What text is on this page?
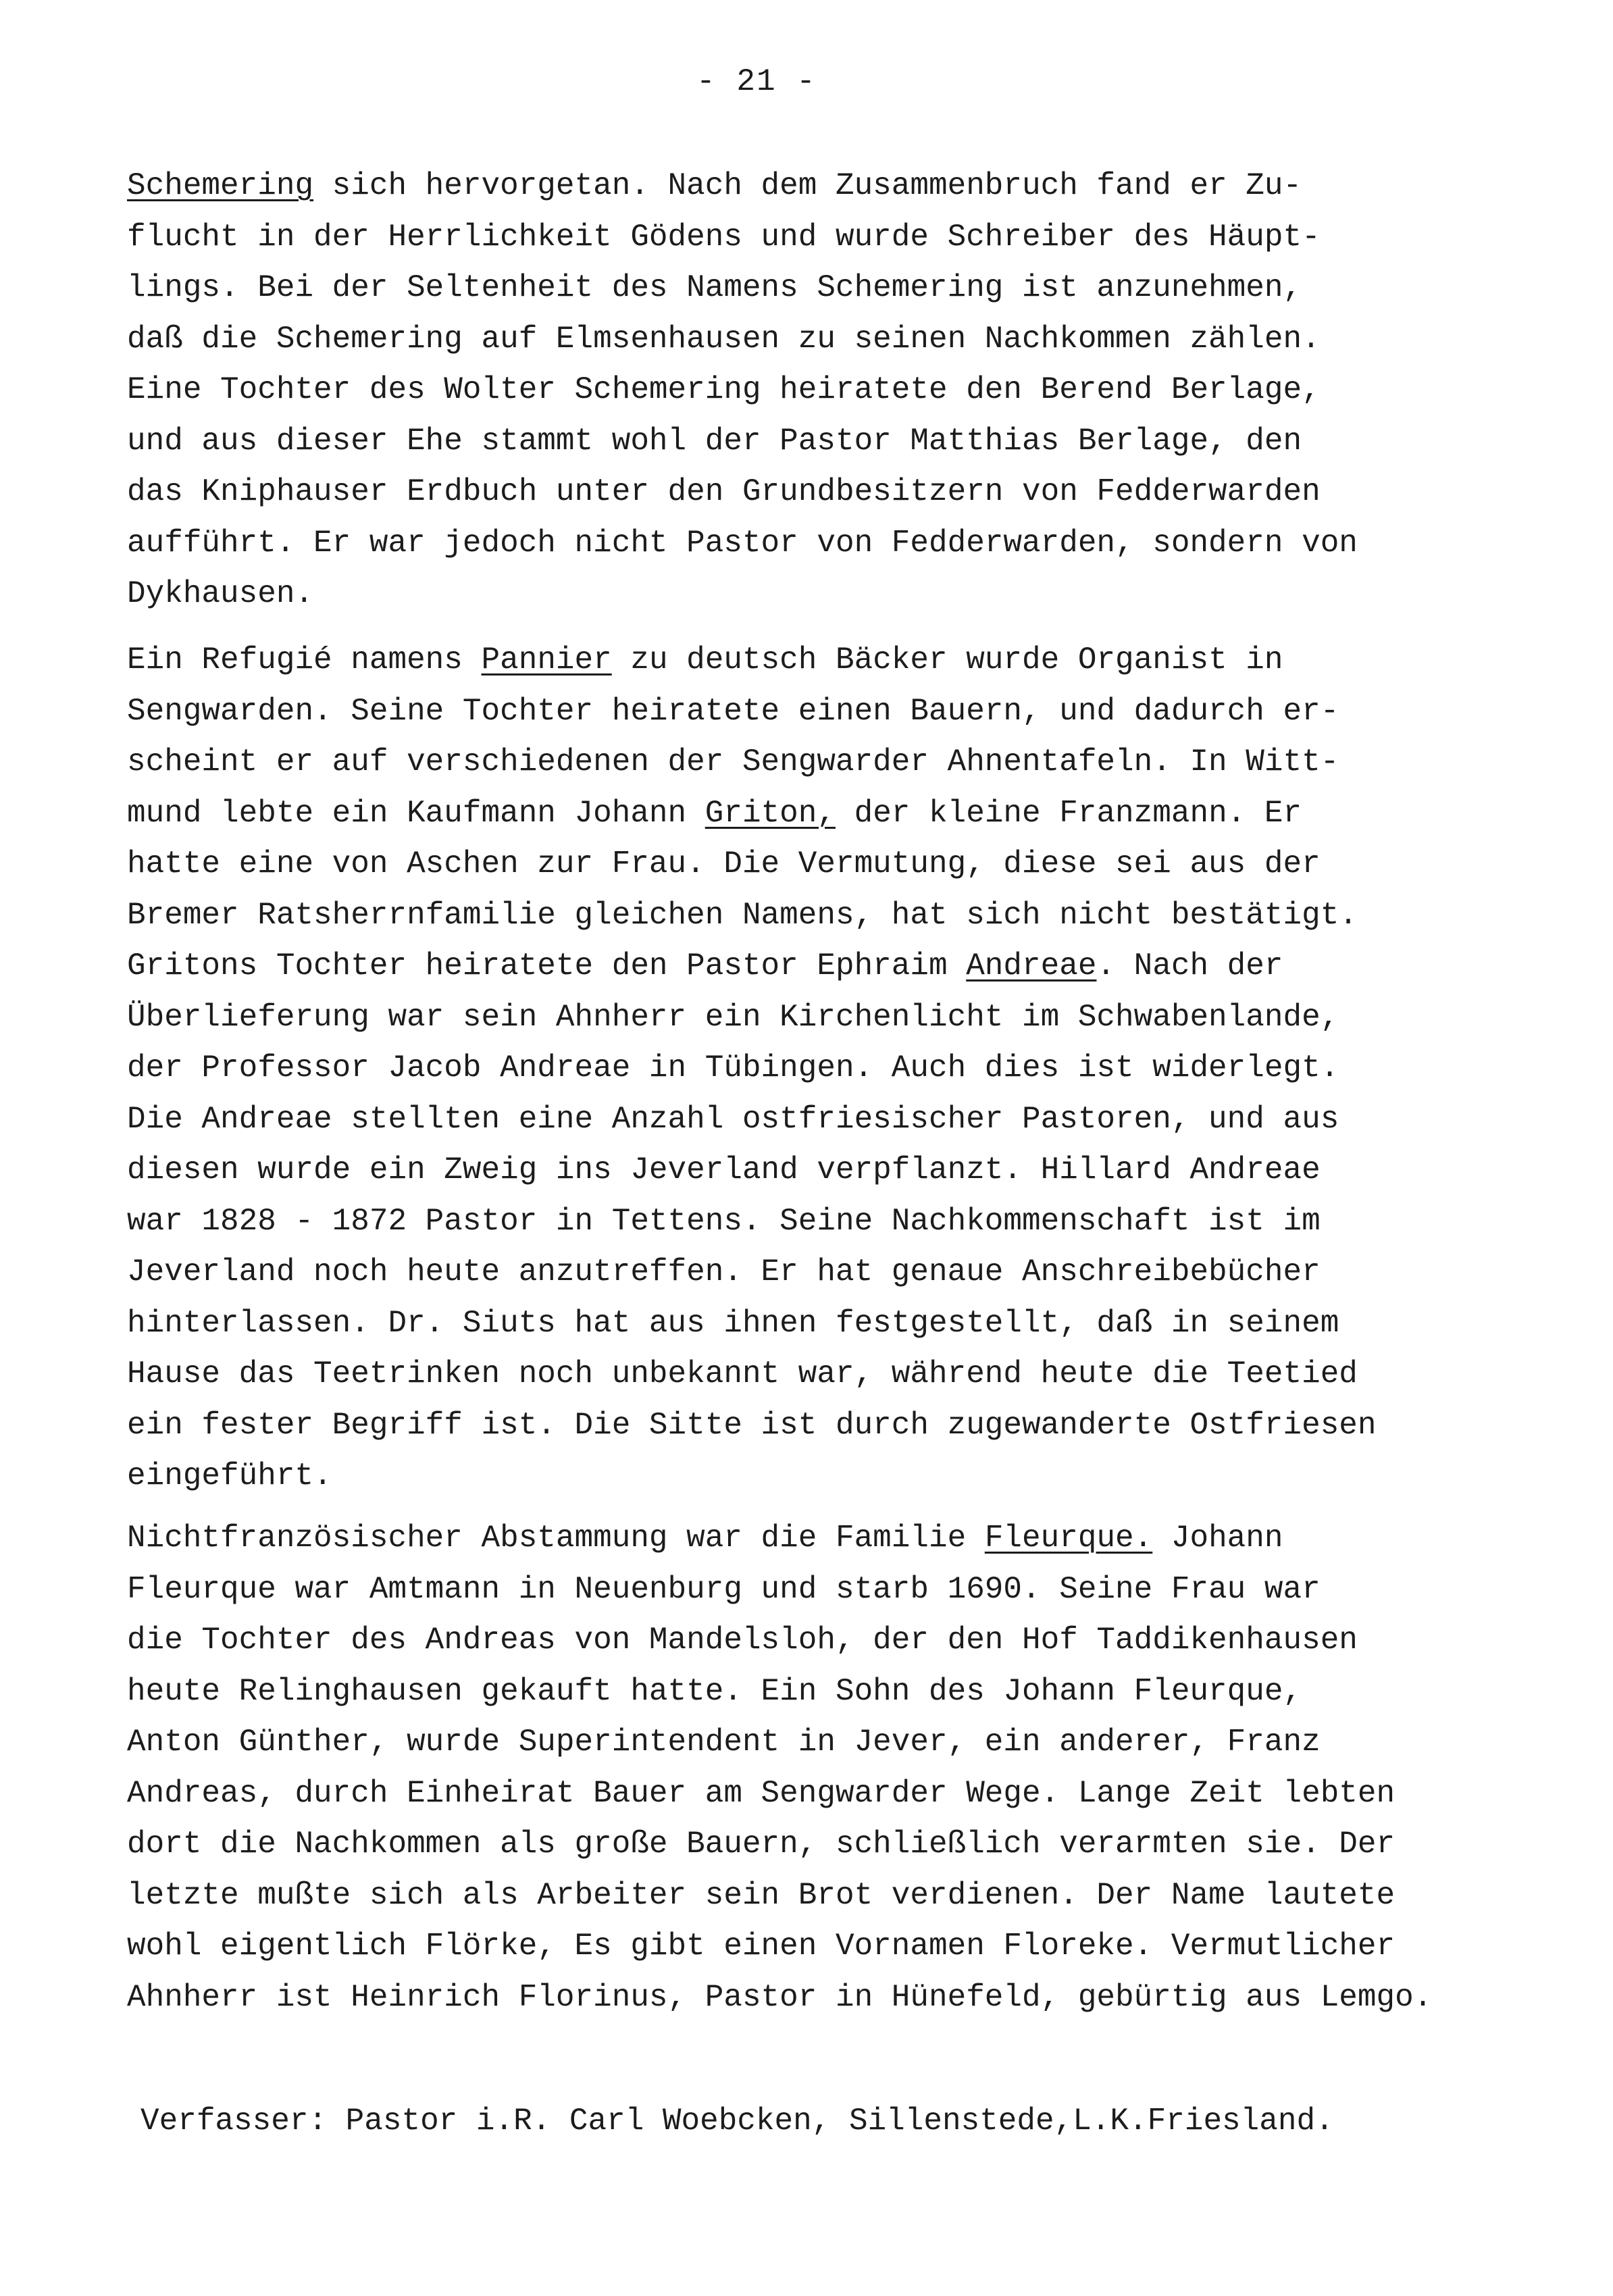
- 21 -
Schemering sich hervorgetan. Nach dem Zusammenbruch fand er Zu-
flucht in der Herrlichkeit Gödens und wurde Schreiber des Häupt-
lings. Bei der Seltenheit des Namens Schemering ist anzunehmen,
daß die Schemering auf Elmsenhausen zu seinen Nachkommen zählen.
Eine Tochter des Wolter Schemering heiratete den Berend Berlage,
und aus dieser Ehe stammt wohl der Pastor Matthias Berlage, den
das Kniphauser Erdbuch unter den Grundbesitzern von Fedderwarden
aufführt. Er war jedoch nicht Pastor von Fedderwarden, sondern von
Dykhausen.
Ein Refugié namens Pannier zu deutsch Bäcker wurde Organist in
Sengwarden. Seine Tochter heiratete einen Bauern, und dadurch er-
scheint er auf verschiedenen der Sengwarder Ahnentafeln. In Witt-
mund lebte ein Kaufmann Johann Griton, der kleine Franzmann. Er
hatte eine von Aschen zur Frau. Die Vermutung, diese sei aus der
Bremer Ratsherrnfamilie gleichen Namens, hat sich nicht bestätigt.
Gritons Tochter heiratete den Pastor Ephraim Andreae. Nach der
Überlieferung war sein Ahnherr ein Kirchenlicht im Schwabenlande,
der Professor Jacob Andreae in Tübingen. Auch dies ist widerlegt.
Die Andreae stellten eine Anzahl ostfriesischer Pastoren, und aus
diesen wurde ein Zweig ins Jeverland verpflanzt. Hillard Andreae
war 1828 - 1872 Pastor in Tettens. Seine Nachkommenschaft ist im
Jeverland noch heute anzutreffen. Er hat genaue Anschreibebücher
hinterlassen. Dr. Siuts hat aus ihnen festgestellt, daß in seinem
Hause das Teetrinken noch unbekannt war, während heute die Teetied
ein fester Begriff ist. Die Sitte ist durch zugewanderte Ostfriesen
eingeführt.
Nichtfranzösischer Abstammung war die Familie Fleurque. Johann
Fleurque war Amtmann in Neuenburg und starb 1690. Seine Frau war
die Tochter des Andreas von Mandelsloh, der den Hof Taddikenhausen
heute Relinghausen gekauft hatte. Ein Sohn des Johann Fleurque,
Anton Günther, wurde Superintendent in Jever, ein anderer, Franz
Andreas, durch Einheirat Bauer am Sengwarder Wege. Lange Zeit lebten
dort die Nachkommen als große Bauern, schließlich verarmten sie. Der
letzte mußte sich als Arbeiter sein Brot verdienen. Der Name lautete
wohl eigentlich Flörke, Es gibt einen Vornamen Floreke. Vermutlicher
Ahnherr ist Heinrich Florinus, Pastor in Hünefeld, gebürtig aus Lemgo.
Verfasser: Pastor i.R. Carl Woebcken, Sillenstede,L.K.Friesland.
